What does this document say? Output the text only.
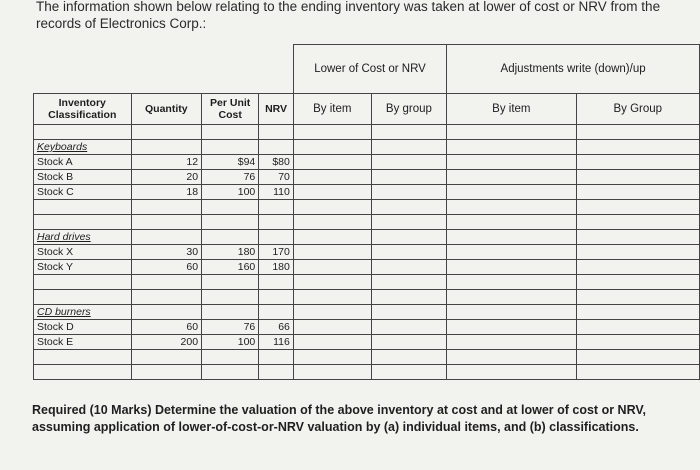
The information shown below relating to the ending inventory was taken at lower of cost or NRV from the
records of Electronics Corp.:
				Lower of Cost or NRV		Adjustments write (down)/up	
Inventory Classification	Quantity	Per Unit Cost	NRV	By item	By group	By item	By Group

Keyboards							
Stock A	12	$94	$80				
Stock B	20	76	70				
Stock C	18	100	110				

Hard drives							
Stock X	30	180	170				
Stock Y	60	160	180				

CD burners							
Stock D	60	76	66				
Stock E	200	100	116				

Required (10 Marks) Determine the valuation of the above inventory at cost and at lower of cost or NRV, assuming application of lower-of-cost-or-NRV valuation by (a) individual items, and (b) classifications.
